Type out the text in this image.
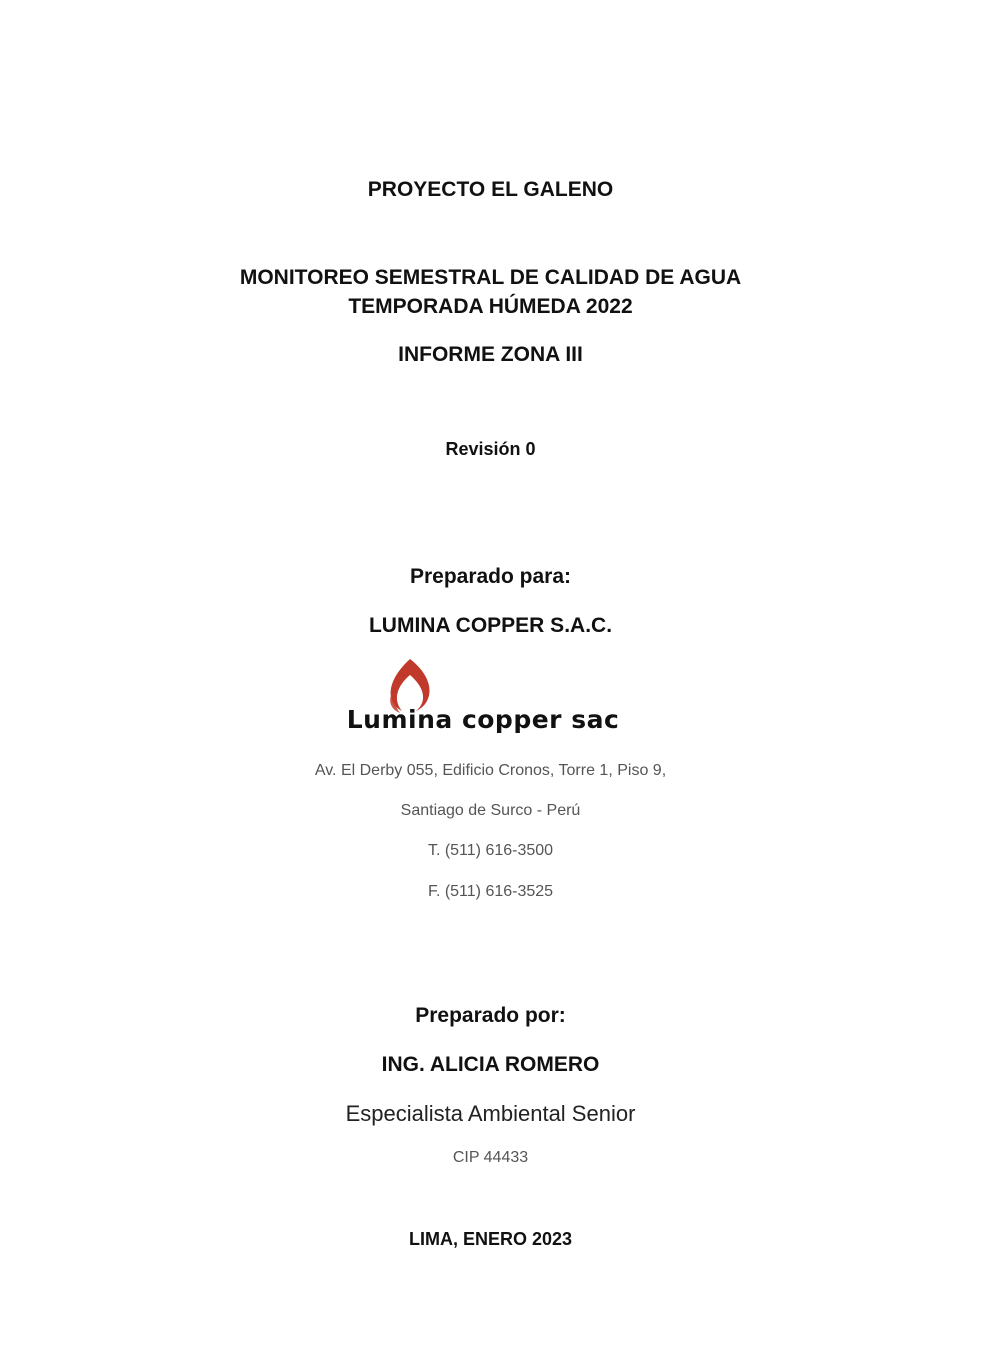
PROYECTO EL GALENO
MONITOREO SEMESTRAL DE CALIDAD DE AGUA
TEMPORADA HÚMEDA 2022
INFORME ZONA III
Revisión 0
Preparado para:
LUMINA COPPER S.A.C.
Lumina copper sac
Av. El Derby 055, Edificio Cronos, Torre 1, Piso 9,
Santiago de Surco - Perú
T. (511) 616-3500
F. (511) 616-3525
Preparado por:
ING. ALICIA ROMERO
Especialista Ambiental Senior
CIP 44433
LIMA, ENERO 2023
